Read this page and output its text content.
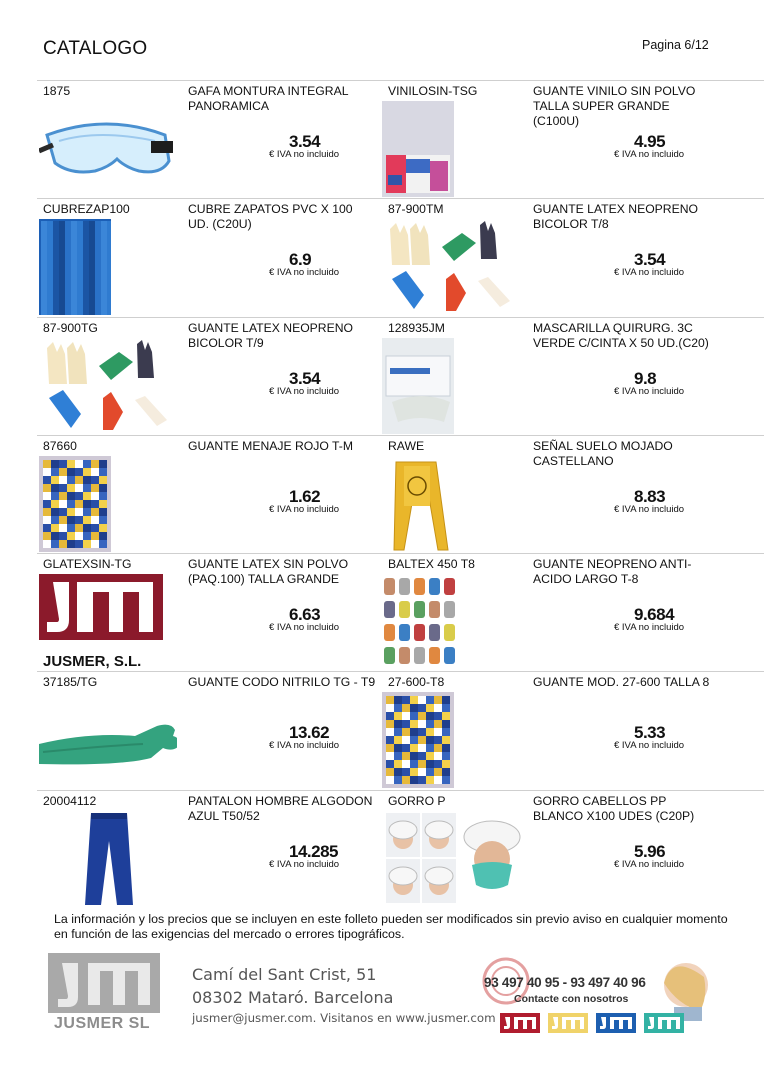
CATALOGO	Pagina 6/12
1875	GAFA MONTURA INTEGRAL PANORAMICA
3.54
€ IVA no incluido
VINILOSIN-TSG	GUANTE VINILO SIN POLVO TALLA SUPER GRANDE (C100U)
4.95
€ IVA no incluido
CUBREZAP100	CUBRE ZAPATOS PVC X 100 UD. (C20U)
6.9
€ IVA no incluido
87-900TM	GUANTE LATEX NEOPRENO BICOLOR T/8
3.54
€ IVA no incluido
87-900TG	GUANTE LATEX NEOPRENO BICOLOR T/9
3.54
€ IVA no incluido
128935JM	MASCARILLA QUIRURG. 3C VERDE C/CINTA X 50 UD.(C20)
9.8
€ IVA no incluido
87660	GUANTE MENAJE ROJO T-M
1.62
€ IVA no incluido
RAWE	SEÑAL SUELO MOJADO CASTELLANO
8.83
€ IVA no incluido
GLATEXSIN-TG
JUSMER, S.L.
GUANTE LATEX SIN POLVO (PAQ.100) TALLA GRANDE
6.63
€ IVA no incluido
BALTEX 450 T8	GUANTE NEOPRENO ANTI-ACIDO LARGO T-8
9.684
€ IVA no incluido
37185/TG	GUANTE CODO NITRILO TG - T9
13.62
€ IVA no incluido
27-600-T8	GUANTE MOD. 27-600 TALLA 8
5.33
€ IVA no incluido
20004112	PANTALON HOMBRE ALGODON AZUL T50/52
14.285
€ IVA no incluido
GORRO P	GORRO CABELLOS PP BLANCO X100 UDES (C20P)
5.96
€ IVA no incluido
La información y los precios que se incluyen en este folleto pueden ser modificados sin previo aviso en cualquier momento en función de las exigencias del mercado o errores tipográficos.
JUSMER SL
Camí del Sant Crist, 51
08302 Mataró. Barcelona
jusmer@jusmer.com. Visitanos en www.jusmer.com
93 497 40 95 - 93 497 40 96
Contacte con nosotros
